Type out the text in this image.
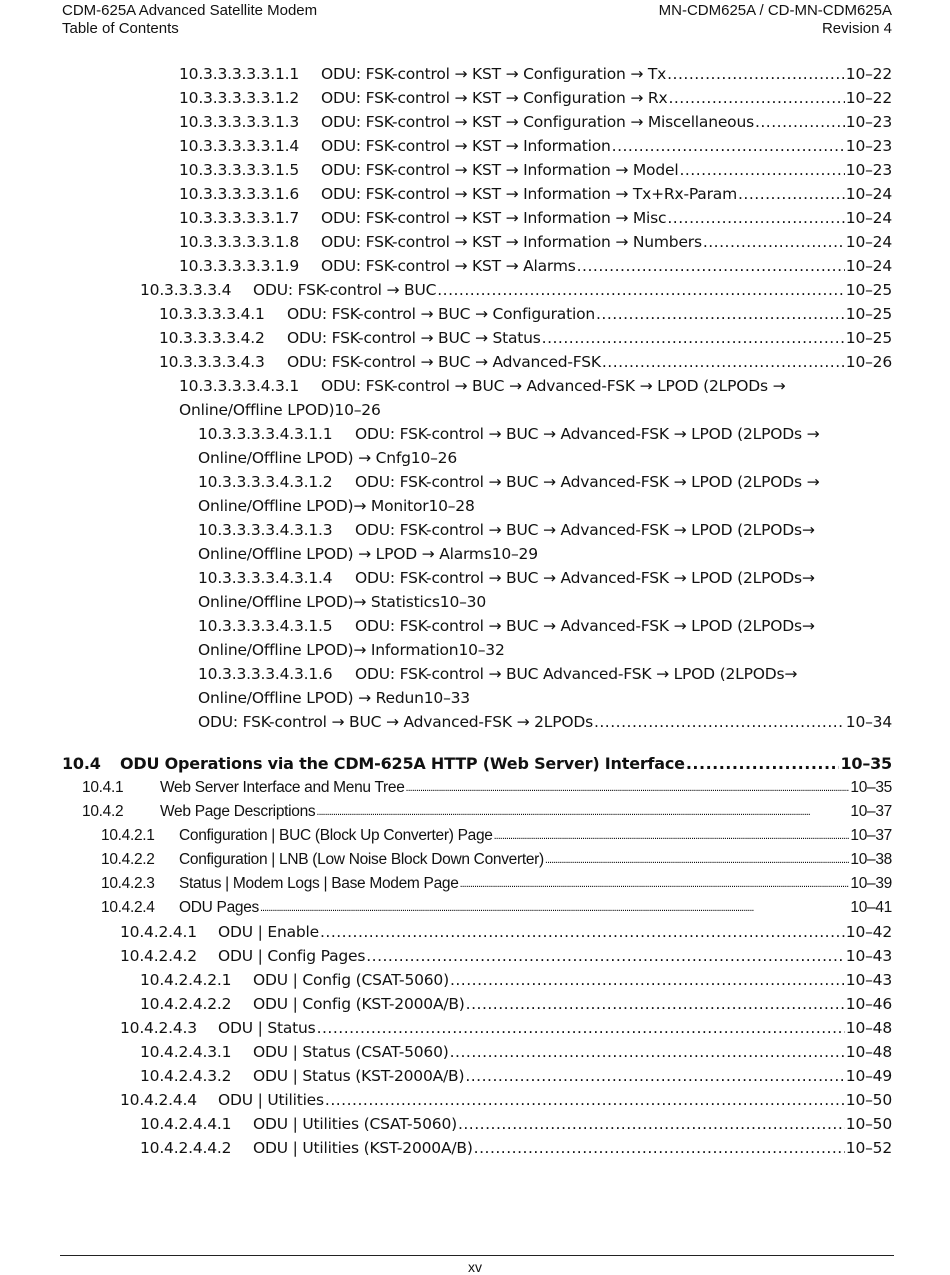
CDM-625A Advanced Satellite Modem
Table of Contents
MN-CDM625A / CD-MN-CDM625A
Revision 4
10.3.3.3.3.3.1.1	ODU: FSK-control → KST → Configuration → Tx .....	10–22
10.3.3.3.3.3.1.2	ODU: FSK-control → KST → Configuration → Rx .....	10–22
10.3.3.3.3.3.1.3	ODU: FSK-control → KST → Configuration → Miscellaneous .....	10–23
10.3.3.3.3.3.1.4	ODU: FSK-control → KST → Information .....	10–23
10.3.3.3.3.3.1.5	ODU: FSK-control → KST → Information → Model .....	10–23
10.3.3.3.3.3.1.6	ODU: FSK-control → KST → Information → Tx+Rx-Param .....	10–24
10.3.3.3.3.3.1.7	ODU: FSK-control → KST → Information → Misc .....	10–24
10.3.3.3.3.3.1.8	ODU: FSK-control → KST → Information → Numbers .....	10–24
10.3.3.3.3.3.1.9	ODU: FSK-control → KST → Alarms .....	10–24
10.3.3.3.3.4	ODU: FSK-control → BUC .....	10–25
10.3.3.3.3.4.1	ODU: FSK-control → BUC → Configuration .....	10–25
10.3.3.3.3.4.2	ODU: FSK-control → BUC → Status .....	10–25
10.3.3.3.3.4.3	ODU: FSK-control → BUC → Advanced-FSK .....	10–26
10.3.3.3.3.4.3.1	ODU: FSK-control → BUC → Advanced-FSK → LPOD (2LPODs →
Online/Offline LPOD) 10–26
10.3.3.3.3.4.3.1.1	ODU: FSK-control → BUC → Advanced-FSK → LPOD (2LPODs →
Online/Offline LPOD) → Cnfg 10–26
10.3.3.3.3.4.3.1.2	ODU: FSK-control → BUC → Advanced-FSK → LPOD (2LPODs →
Online/Offline LPOD)→ Monitor 10–28
10.3.3.3.3.4.3.1.3	ODU: FSK-control → BUC → Advanced-FSK → LPOD (2LPODs→
Online/Offline LPOD) → LPOD → Alarms 10–29
10.3.3.3.3.4.3.1.4	ODU: FSK-control → BUC → Advanced-FSK → LPOD (2LPODs→
Online/Offline LPOD)→ Statistics 10–30
10.3.3.3.3.4.3.1.5	ODU: FSK-control → BUC → Advanced-FSK → LPOD (2LPODs→
Online/Offline LPOD)→ Information 10–32
10.3.3.3.3.4.3.1.6	ODU: FSK-control → BUC Advanced-FSK → LPOD (2LPODs→
Online/Offline LPOD) → Redun 10–33
ODU: FSK-control → BUC → Advanced-FSK → 2LPODs .....	10–34
10.4	ODU Operations via the CDM-625A HTTP (Web Server) Interface .....	10–35
10.4.1	Web Server Interface and Menu Tree .....	10–35
10.4.2	Web Page Descriptions .....	10–37
10.4.2.1	Configuration | BUC (Block Up Converter) Page .....	10–37
10.4.2.2	Configuration | LNB (Low Noise Block Down Converter) .....	10–38
10.4.2.3	Status | Modem Logs | Base Modem Page .....	10–39
10.4.2.4	ODU Pages .....	10–41
10.4.2.4.1	ODU | Enable .....	10–42
10.4.2.4.2	ODU | Config Pages .....	10–43
10.4.2.4.2.1	ODU | Config (CSAT-5060) .....	10–43
10.4.2.4.2.2	ODU | Config (KST-2000A/B) .....	10–46
10.4.2.4.3	ODU | Status .....	10–48
10.4.2.4.3.1	ODU | Status (CSAT-5060) .....	10–48
10.4.2.4.3.2	ODU | Status (KST-2000A/B) .....	10–49
10.4.2.4.4	ODU | Utilities .....	10–50
10.4.2.4.4.1	ODU | Utilities (CSAT-5060) .....	10–50
10.4.2.4.4.2	ODU | Utilities (KST-2000A/B) .....	10–52
xv
